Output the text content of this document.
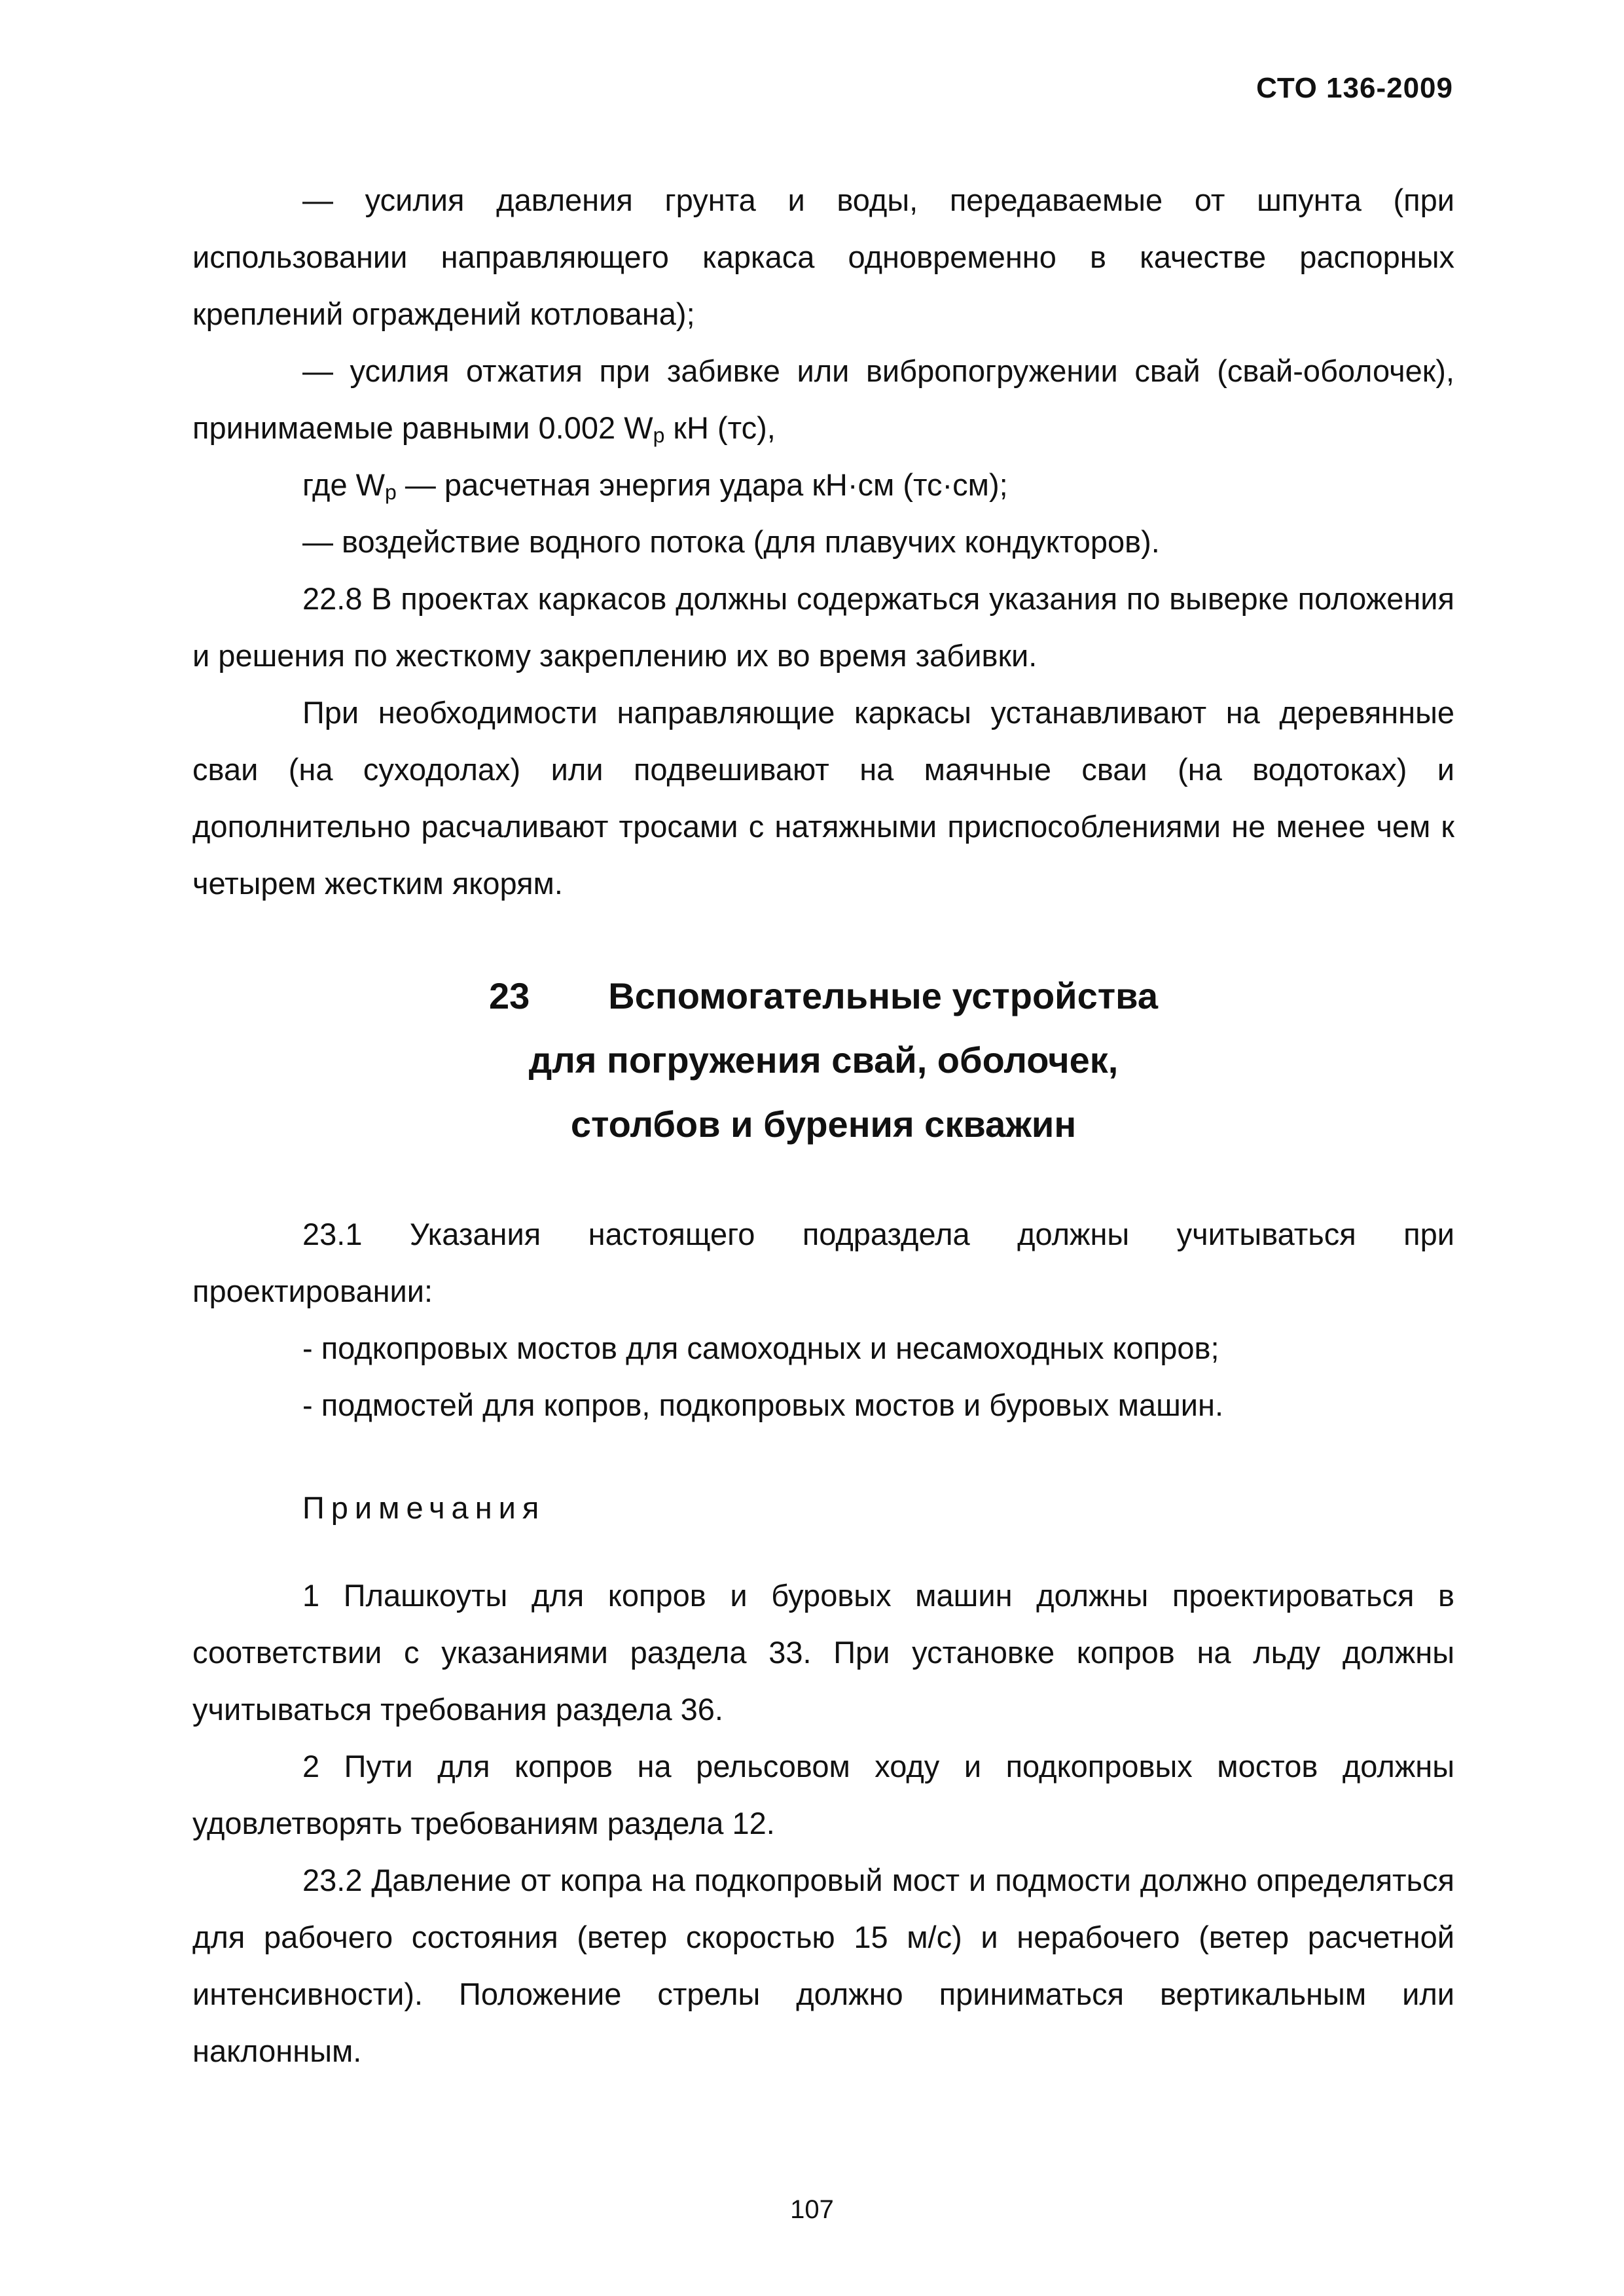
СТО 136-2009

— усилия давления грунта и воды, передаваемые от шпунта (при использовании направляющего каркаса одновременно в качестве распорных креплений ограждений котлована);

— усилия отжатия при забивке или вибропогружении свай (свай-оболочек), принимаемые равными 0.002 $W_р$ кН (тс),

где $W_р$ — расчетная энергия удара кН·см (тс·см);

— воздействие водного потока (для плавучих кондукторов).

22.8 В проектах каркасов должны содержаться указания по выверке положения и решения по жесткому закреплению их во время забивки.

При необходимости направляющие каркасы устанавливают на деревянные сваи (на суходолах) или подвешивают на маячные сваи (на водотоках) и дополнительно расчаливают тросами с натяжными приспособлениями не менее чем к четырем жестким якорям.

23 Вспомогательные устройства
для погружения свай, оболочек,
столбов и бурения скважин

23.1 Указания настоящего подраздела должны учитываться при проектировании:

- подкопровых мостов для самоходных и несамоходных копров;

- подмостей для копров, подкопровых мостов и буровых машин.

Примечания

1 Плашкоуты для копров и буровых машин должны проектироваться в соответствии с указаниями раздела 33. При установке копров на льду должны учитываться требования раздела 36.

2 Пути для копров на рельсовом ходу и подкопровых мостов должны удовлетворять требованиям раздела 12.

23.2 Давление от копра на подкопровый мост и подмости должно определяться для рабочего состояния (ветер скоростью 15 м/с) и нерабочего (ветер расчетной интенсивности). Положение стрелы должно приниматься вертикальным или наклонным.

107
